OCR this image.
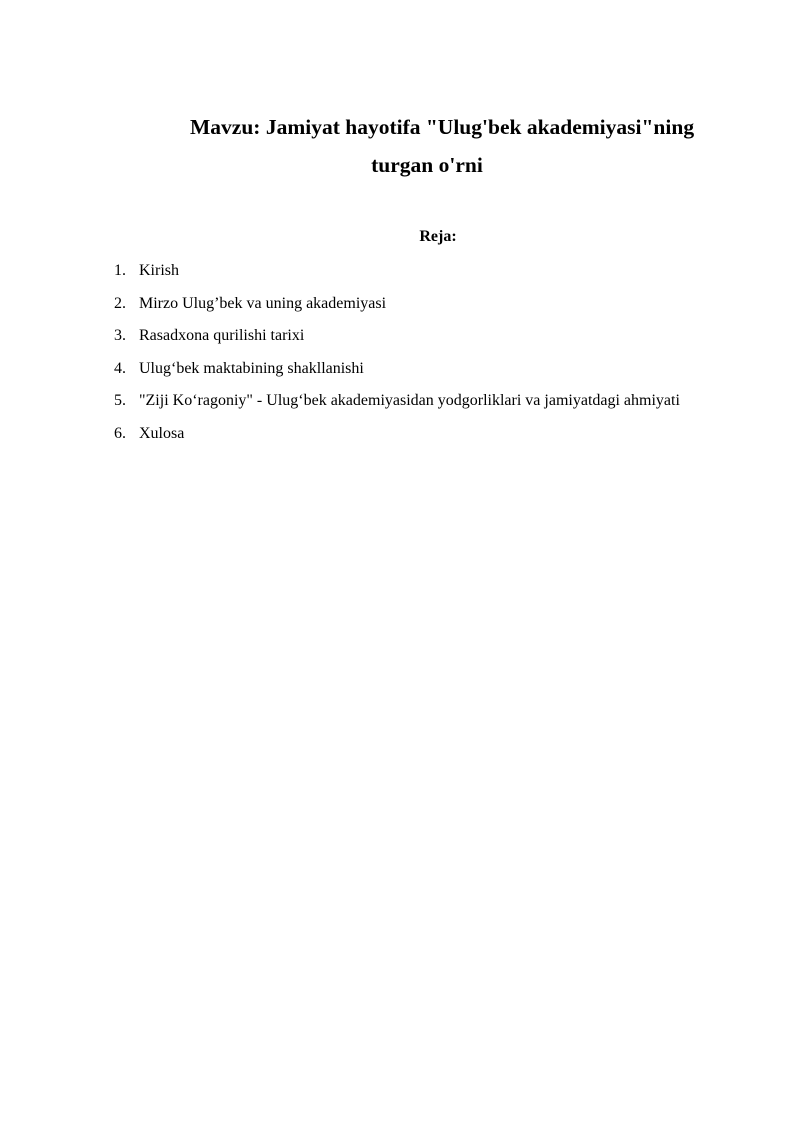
Mavzu: Jamiyat hayotifa "Ulug'bek akademiyasi"ning
turgan o'rni

Reja:

1. Kirish
2. Mirzo Ulug’bek va uning akademiyasi
3. Rasadxona qurilishi tarixi
4. Ulug‘bek maktabining shakllanishi
5. "Ziji Ko‘ragoniy" - Ulug‘bek akademiyasidan yodgorliklari va jamiyatdagi ahmiyati
6. Xulosa
